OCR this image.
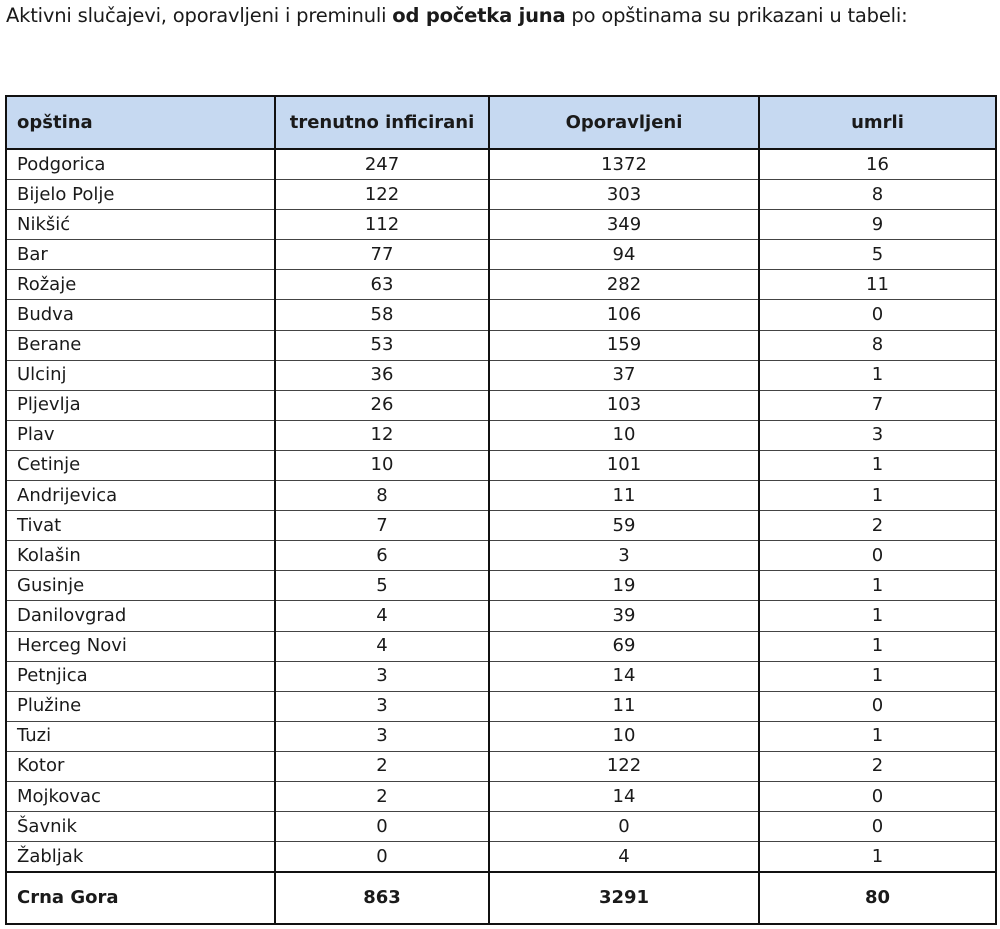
Aktivni slučajevi, oporavljeni i preminuli od početka juna po opštinama su prikazani u tabeli:

opština	trenutno inficirani	Oporavljeni	umrli
Podgorica	247	1372	16
Bijelo Polje	122	303	8
Nikšić	112	349	9
Bar	77	94	5
Rožaje	63	282	11
Budva	58	106	0
Berane	53	159	8
Ulcinj	36	37	1
Pljevlja	26	103	7
Plav	12	10	3
Cetinje	10	101	1
Andrijevica	8	11	1
Tivat	7	59	2
Kolašin	6	3	0
Gusinje	5	19	1
Danilovgrad	4	39	1
Herceg Novi	4	69	1
Petnjica	3	14	1
Plužine	3	11	0
Tuzi	3	10	1
Kotor	2	122	2
Mojkovac	2	14	0
Šavnik	0	0	0
Žabljak	0	4	1
Crna Gora	863	3291	80
